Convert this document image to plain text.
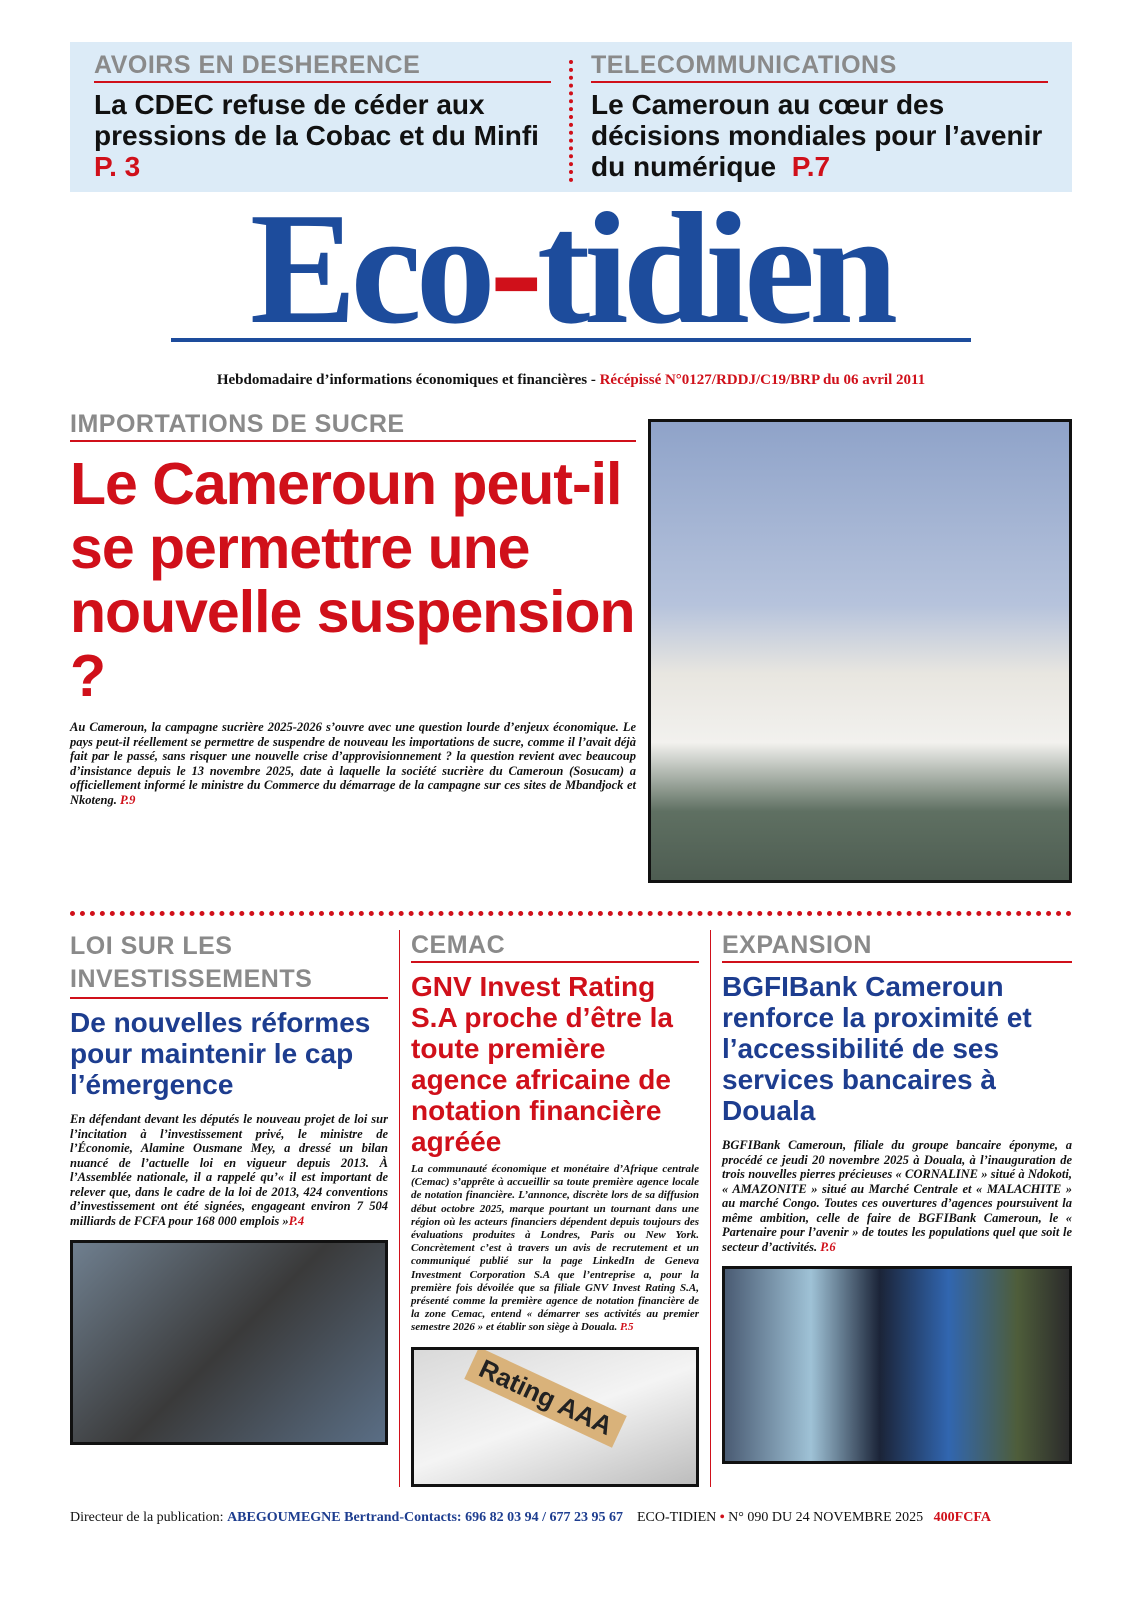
AVOIRS EN DESHERENCE
La CDEC refuse de céder aux pressions de la Cobac et du Minfi  P. 3
TELECOMMUNICATIONS
Le Cameroun au cœur des décisions mondiales pour l’avenir du numérique P.7
Eco-tidien
Hebdomadaire d’informations économiques et financières - Récépissé N°0127/RDDJ/C19/BRP du 06 avril 2011
IMPORTATIONS DE SUCRE
Le Cameroun peut-il se permettre une nouvelle suspension ?
Au Cameroun, la campagne sucrière 2025-2026 s’ouvre avec une question lourde d’enjeux économique. Le pays peut-il réellement se permettre de suspendre de nouveau les importations de sucre, comme il l’avait déjà fait par le passé, sans risquer une nouvelle crise d’approvisionnement ? la question revient avec beaucoup d’insistance depuis le 13 novembre 2025, date à laquelle la société sucrière du Cameroun (Sosucam) a officiellement informé le ministre du Commerce du démarrage de la campagne sur ces sites de Mbandjock et Nkoteng. P.9
LOI SUR LES INVESTISSEMENTS
De nouvelles réformes pour maintenir le cap l’émergence
En défendant devant les députés le nouveau projet de loi sur l’incitation à l’investissement privé, le ministre de l’Économie, Alamine Ousmane Mey, a dressé un bilan nuancé de l’actuelle loi en vigueur depuis 2013. À l’Assemblée nationale, il a rappelé qu’« il est important de relever que, dans le cadre de la loi de 2013, 424 conventions d’investissement ont été signées, engageant environ 7 504 milliards de FCFA pour 168 000 emplois »P.4
CEMAC
GNV Invest Rating S.A proche d’être la toute première agence africaine de notation financière agréée
La communauté économique et monétaire d’Afrique centrale (Cemac) s’apprête à accueillir sa toute première agence locale de notation financière. L’annonce, discrète lors de sa diffusion début octobre 2025, marque pourtant un tournant dans une région où les acteurs financiers dépendent depuis toujours des évaluations produites à Londres, Paris ou New York. Concrètement c’est à travers un avis de recrutement et un communiqué publié sur la page LinkedIn de Geneva Investment Corporation S.A que l’entreprise a, pour la première fois dévoilée que sa filiale GNV Invest Rating S.A, présenté comme la première agence de notation financière de la zone Cemac, entend « démarrer ses activités au premier semestre 2026 » et établir son siège à Douala. P.5
Rating AAA
EXPANSION
BGFIBank Cameroun renforce la proximité et l’accessibilité de ses services bancaires à Douala
BGFIBank Cameroun, filiale du groupe bancaire éponyme, a procédé ce jeudi 20 novembre 2025 à Douala, à l’inauguration de trois nouvelles pierres précieuses « CORNALINE » situé à Ndokoti, « AMAZONITE » situé au Marché Centrale et « MALACHITE » au marché Congo. Toutes ces ouvertures d’agences poursuivent la même ambition, celle de faire de BGFIBank Cameroun, le « Partenaire pour l’avenir » de toutes les populations quel que soit le secteur d’activités. P.6
Directeur de la publication: ABEGOUMEGNE Bertrand-Contacts: 696 82 03 94 / 677 23 95 67 ECO-TIDIEN • N° 090 DU 24 NOVEMBRE 2025 400FCFA
